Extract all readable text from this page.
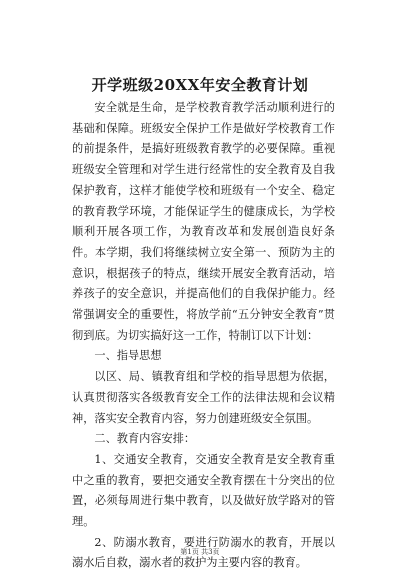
开学班级20XX年安全教育计划

安全就是生命，是学校教育教学活动顺利进行的基础和保障。班级安全保护工作是做好学校教育工作的前提条件，是搞好班级教育教学的必要保障。重视班级安全管理和对学生进行经常性的安全教育及自我保护教育，这样才能使学校和班级有一个安全、稳定的教育教学环境，才能保证学生的健康成长，为学校顺利开展各项工作，为教育改革和发展创造良好条件。本学期，我们将继续树立安全第一、预防为主的意识，根据孩子的特点，继续开展安全教育活动，培养孩子的安全意识，并提高他们的自我保护能力。经常强调安全的重要性，将放学前“五分钟安全教育”贯彻到底。为切实搞好这一工作，特制订以下计划：

一、指导思想

以区、局、镇教育组和学校的指导思想为依据，认真贯彻落实各级教育安全工作的法律法规和会议精神，落实安全教育内容，努力创建班级安全氛围。

二、教育内容安排：

1、交通安全教育，交通安全教育是安全教育重中之重的教育，要把交通安全教育摆在十分突出的位置，必须每周进行集中教育，以及做好放学路对的管理。

2、防溺水教育，要进行防溺水的教育，开展以溺水后自救，溺水者的救护为主要内容的教育。

第1页 共3页
